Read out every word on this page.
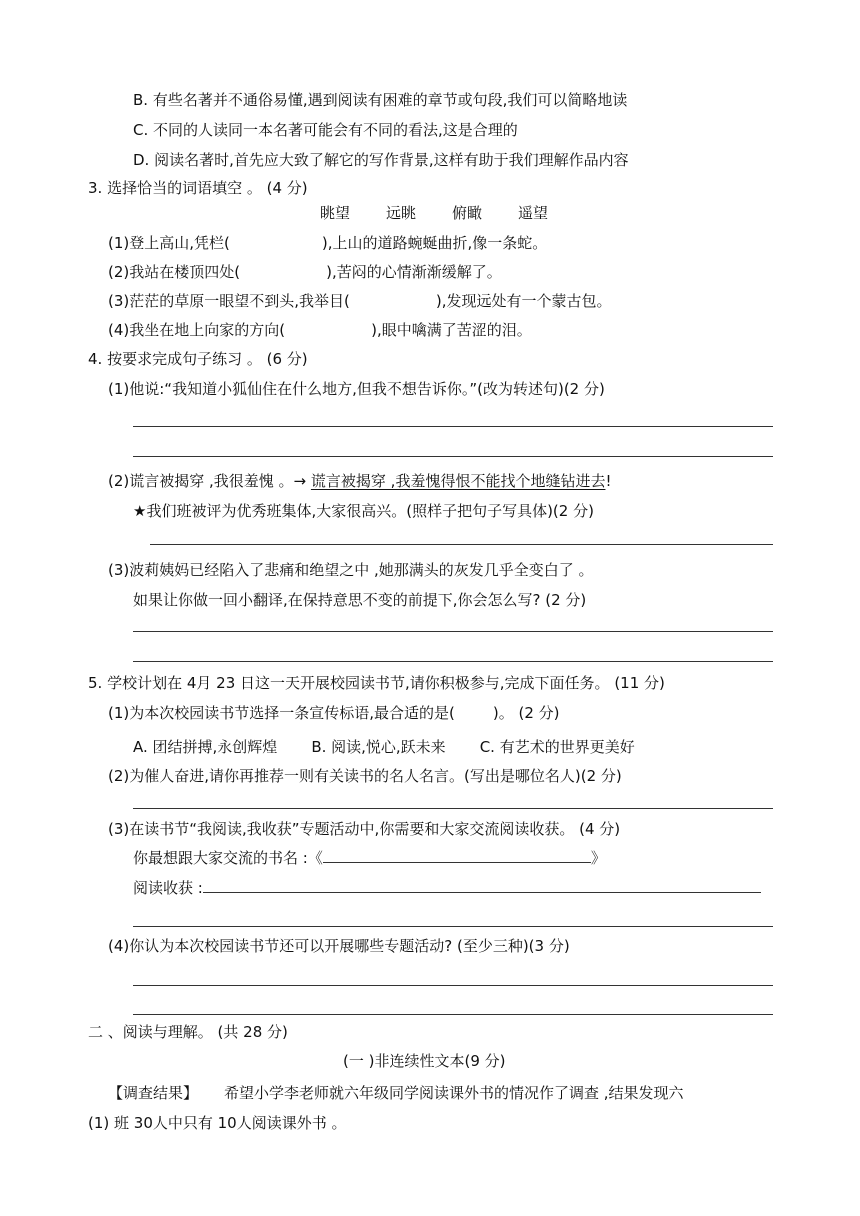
B. 有些名著并不通俗易懂,遇到阅读有困难的章节或句段,我们可以简略地读
C. 不同的人读同一本名著可能会有不同的看法,这是合理的
D. 阅读名著时,首先应大致了解它的写作背景,这样有助于我们理解作品内容
3. 选择恰当的词语填空 。 (4 分)
眺望 远眺 俯瞰 遥望
(1)登上高山,凭栏(	),上山的道路蜿蜒曲折,像一条蛇。
(2)我站在楼顶四处(	),苦闷的心情渐渐缓解了。
(3)茫茫的草原一眼望不到头,我举目(	),发现远处有一个蒙古包。
(4)我坐在地上向家的方向(	),眼中噙满了苦涩的泪。
4. 按要求完成句子练习 。 (6 分)
(1)他说:“我知道小狐仙住在什么地方,但我不想告诉你。”(改为转述句)(2 分)
(2)谎言被揭穿 ,我很羞愧 。→ 谎言被揭穿 ,我羞愧得恨不能找个地缝钻进去!
★我们班被评为优秀班集体,大家很高兴。(照样子把句子写具体)(2 分)
(3)波莉姨妈已经陷入了悲痛和绝望之中 ,她那满头的灰发几乎全变白了 。
如果让你做一回小翻译,在保持意思不变的前提下,你会怎么写? (2 分)
5. 学校计划在 4月 23 日这一天开展校园读书节,请你积极参与,完成下面任务。 (11 分)
(1)为本次校园读书节选择一条宣传标语,最合适的是(	)。 (2 分)
A. 团结拼搏,永创辉煌 B. 阅读,悦心,跃未来 C. 有艺术的世界更美好
(2)为催人奋进,请你再推荐一则有关读书的名人名言。(写出是哪位名人)(2 分)
(3)在读书节“我阅读,我收获”专题活动中,你需要和大家交流阅读收获。 (4 分)
你最想跟大家交流的书名 :《	》
阅读收获 :
(4)你认为本次校园读书节还可以开展哪些专题活动? (至少三种)(3 分)
二 、阅读与理解。 (共 28 分)
(一 )非连续性文本(9 分)
【调查结果】 希望小学李老师就六年级同学阅读课外书的情况作了调查 ,结果发现六
(1) 班 30人中只有 10人阅读课外书 。
